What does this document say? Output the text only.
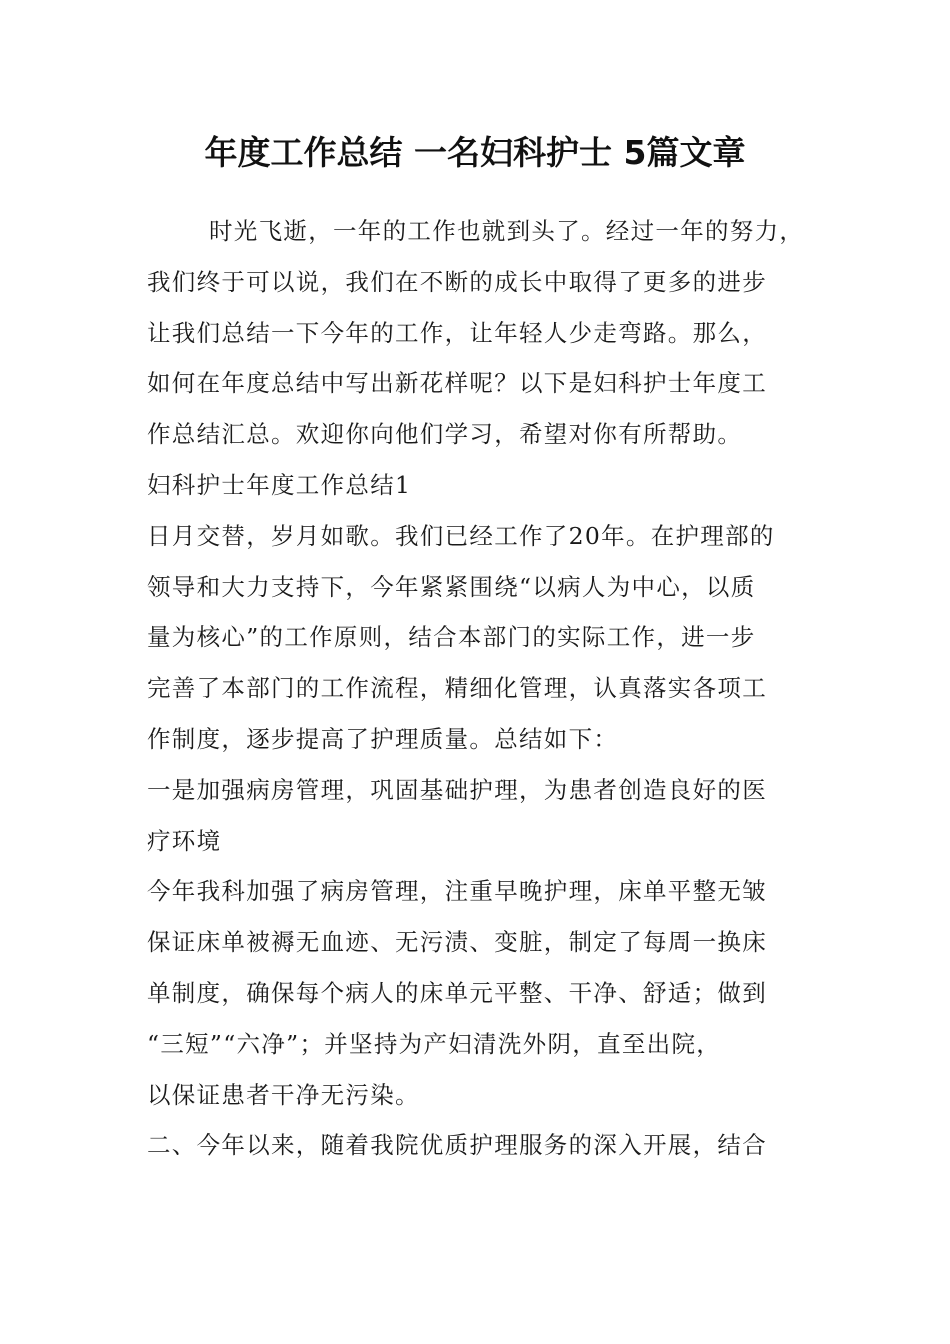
年度工作总结 一名妇科护士 5篇文章
时光飞逝，一年的工作也就到头了。经过一年的努力，
我们终于可以说，我们在不断的成长中取得了更多的进步
让我们总结一下今年的工作，让年轻人少走弯路。那么，
如何在年度总结中写出新花样呢？以下是妇科护士年度工
作总结汇总。欢迎你向他们学习，希望对你有所帮助。
妇科护士年度工作总结1
日月交替，岁月如歌。我们已经工作了20年。在护理部的
领导和大力支持下，今年紧紧围绕“以病人为中心，以质
量为核心”的工作原则，结合本部门的实际工作，进一步
完善了本部门的工作流程，精细化管理，认真落实各项工
作制度，逐步提高了护理质量。总结如下：
一是加强病房管理，巩固基础护理，为患者创造良好的医
疗环境
今年我科加强了病房管理，注重早晚护理，床单平整无皱
保证床单被褥无血迹、无污渍、变脏，制定了每周一换床
单制度，确保每个病人的床单元平整、干净、舒适；做到
“三短”“六净”；并坚持为产妇清洗外阴，直至出院，
以保证患者干净无污染。
二、今年以来，随着我院优质护理服务的深入开展，结合
